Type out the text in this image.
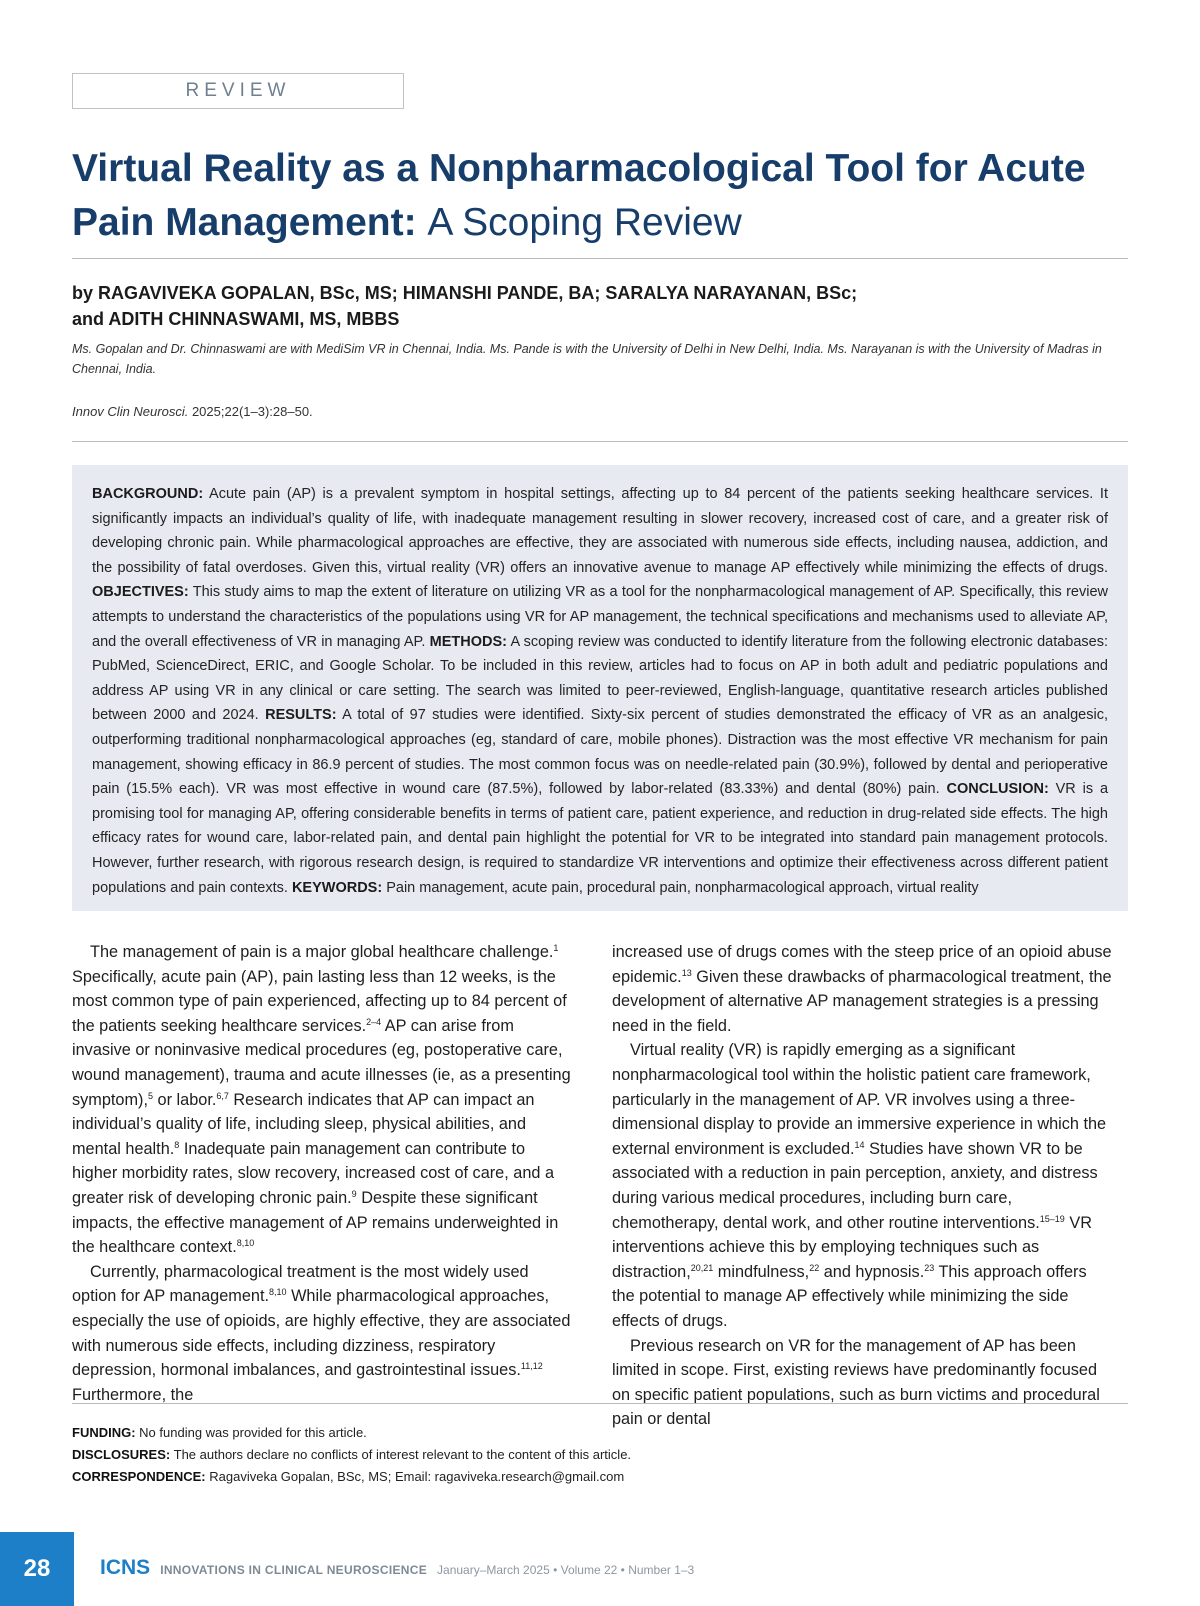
REVIEW
Virtual Reality as a Nonpharmacological Tool for Acute Pain Management: A Scoping Review
by RAGAVIVEKA GOPALAN, BSc, MS; HIMANSHI PANDE, BA; SARALYA NARAYANAN, BSc;
and ADITH CHINNASWAMI, MS, MBBS
Ms. Gopalan and Dr. Chinnaswami are with MediSim VR in Chennai, India. Ms. Pande is with the University of Delhi in New Delhi, India. Ms. Narayanan is with the University of Madras in Chennai, India.
Innov Clin Neurosci. 2025;22(1–3):28–50.
BACKGROUND: Acute pain (AP) is a prevalent symptom in hospital settings, affecting up to 84 percent of the patients seeking healthcare services. It significantly impacts an individual’s quality of life, with inadequate management resulting in slower recovery, increased cost of care, and a greater risk of developing chronic pain. While pharmacological approaches are effective, they are associated with numerous side effects, including nausea, addiction, and the possibility of fatal overdoses. Given this, virtual reality (VR) offers an innovative avenue to manage AP effectively while minimizing the effects of drugs. OBJECTIVES: This study aims to map the extent of literature on utilizing VR as a tool for the nonpharmacological management of AP. Specifically, this review attempts to understand the characteristics of the populations using VR for AP management, the technical specifications and mechanisms used to alleviate AP, and the overall effectiveness of VR in managing AP. METHODS: A scoping review was conducted to identify literature from the following electronic databases: PubMed, ScienceDirect, ERIC, and Google Scholar. To be included in this review, articles had to focus on AP in both adult and pediatric populations and address AP using VR in any clinical or care setting. The search was limited to peer-reviewed, English-language, quantitative research articles published between 2000 and 2024. RESULTS: A total of 97 studies were identified. Sixty-six percent of studies demonstrated the efficacy of VR as an analgesic, outperforming traditional nonpharmacological approaches (eg, standard of care, mobile phones). Distraction was the most effective VR mechanism for pain management, showing efficacy in 86.9 percent of studies. The most common focus was on needle-related pain (30.9%), followed by dental and perioperative pain (15.5% each). VR was most effective in wound care (87.5%), followed by labor-related (83.33%) and dental (80%) pain. CONCLUSION: VR is a promising tool for managing AP, offering considerable benefits in terms of patient care, patient experience, and reduction in drug-related side effects. The high efficacy rates for wound care, labor-related pain, and dental pain highlight the potential for VR to be integrated into standard pain management protocols. However, further research, with rigorous research design, is required to standardize VR interventions and optimize their effectiveness across different patient populations and pain contexts. KEYWORDS: Pain management, acute pain, procedural pain, nonpharmacological approach, virtual reality

The management of pain is a major global healthcare challenge.$^1$ Specifically, acute pain (AP), pain lasting less than 12 weeks, is the most common type of pain experienced, affecting up to 84 percent of the patients seeking healthcare services.$^{2-4}$ AP can arise from invasive or noninvasive medical procedures (eg, postoperative care, wound management), trauma and acute illnesses (ie, as a presenting symptom),$^5$ or labor.$^{6,7}$ Research indicates that AP can impact an individual’s quality of life, including sleep, physical abilities, and mental health.$^8$ Inadequate pain management can contribute to higher morbidity rates, slow recovery, increased cost of care, and a greater risk of developing chronic pain.$^9$ Despite these significant impacts, the effective management of AP remains underweighted in the healthcare context.$^{8,10}$

Currently, pharmacological treatment is the most widely used option for AP management.$^{8,10}$ While pharmacological approaches, especially the use of opioids, are highly effective, they are associated with numerous side effects, including dizziness, respiratory depression, hormonal imbalances, and gastrointestinal issues.$^{11,12}$ Furthermore, the

increased use of drugs comes with the steep price of an opioid abuse epidemic.$^{13}$ Given these drawbacks of pharmacological treatment, the development of alternative AP management strategies is a pressing need in the field.

Virtual reality (VR) is rapidly emerging as a significant nonpharmacological tool within the holistic patient care framework, particularly in the management of AP. VR involves using a three-dimensional display to provide an immersive experience in which the external environment is excluded.$^{14}$ Studies have shown VR to be associated with a reduction in pain perception, anxiety, and distress during various medical procedures, including burn care, chemotherapy, dental work, and other routine interventions.$^{15-19}$ VR interventions achieve this by employing techniques such as distraction,$^{20,21}$ mindfulness,$^{22}$ and hypnosis.$^{23}$ This approach offers the potential to manage AP effectively while minimizing the side effects of drugs.

Previous research on VR for the management of AP has been limited in scope. First, existing reviews have predominantly focused on specific patient populations, such as burn victims and procedural pain or dental

FUNDING: No funding was provided for this article.
DISCLOSURES: The authors declare no conflicts of interest relevant to the content of this article.
CORRESPONDENCE: Ragaviveka Gopalan, BSc, MS; Email: ragaviveka.research@gmail.com
28	ICNS INNOVATIONS IN CLINICAL NEUROSCIENCE January–March 2025 • Volume 22 • Number 1–3
